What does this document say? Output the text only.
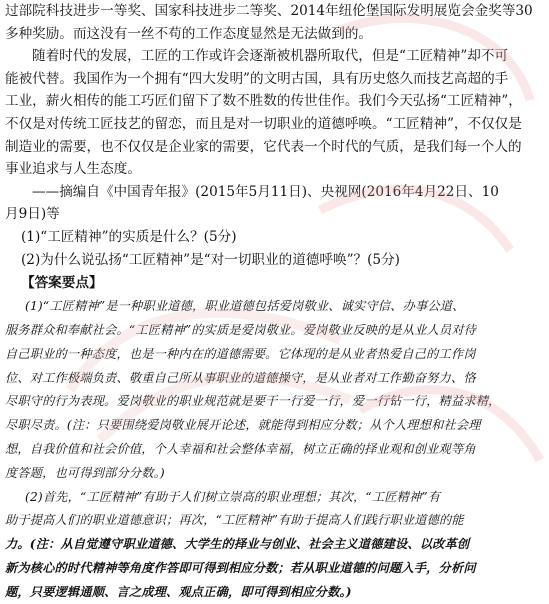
过部院科技进步一等奖、国家科技进步二等奖、2014年纽伦堡国际发明展览会金奖等30
多种奖励。而这没有一丝不苟的工作态度显然是无法做到的。
随着时代的发展，工匠的工作或许会逐渐被机器所取代，但是“工匠精神”却不可
能被代替。我国作为一个拥有“四大发明”的文明古国，具有历史悠久而技艺高超的手
工业，薪火相传的能工巧匠们留下了数不胜数的传世佳作。我们今天弘扬“工匠精神”，
不仅是对传统工匠技艺的留恋，而且是对一切职业的道德呼唤。“工匠精神”，不仅仅是
制造业的需要，也不仅仅是企业家的需要，它代表一个时代的气质，是我们每一个人的
事业追求与人生态度。
——摘编自《中国青年报》(2015年5月11日)、央视网(2016年4月22日、10
月9日)等
(1)“工匠精神”的实质是什么？(5分)
(2)为什么说弘扬“工匠精神”是“对一切职业的道德呼唤”？(5分)
【答案要点】
(1)“工匠精神”是一种职业道德，职业道德包括爱岗敬业、诚实守信、办事公道、
服务群众和奉献社会。“工匠精神”的实质是爱岗敬业。爱岗敬业反映的是从业人员对待
自己职业的一种态度，也是一种内在的道德需要。它体现的是从业者热爱自己的工作岗
位、对工作极端负责、敬重自己所从事职业的道德操守，是从业者对工作勤奋努力、恪
尽职守的行为表现。爱岗敬业的职业规范就是要干一行爱一行，爱一行钻一行，精益求精，
尽职尽责。(注：只要围绕爱岗敬业展开论述，就能得到相应分数；从个人理想和社会理
想，自我价值和社会价值，个人幸福和社会整体幸福，树立正确的择业观和创业观等角
度答题，也可得到部分分数。)
(2)首先，“工匠精神”有助于人们树立崇高的职业理想；其次，“工匠精神”有
助于提高人们的职业道德意识；再次，“工匠精神”有助于提高人们践行职业道德的能
力。(注：从自觉遵守职业道德、大学生的择业与创业、社会主义道德建设、以改革创
新为核心的时代精神等角度作答即可得到相应分数；若从职业道德的问题入手，分析问
题，只要逻辑通顺、言之成理、观点正确，即可得到相应分数。)
